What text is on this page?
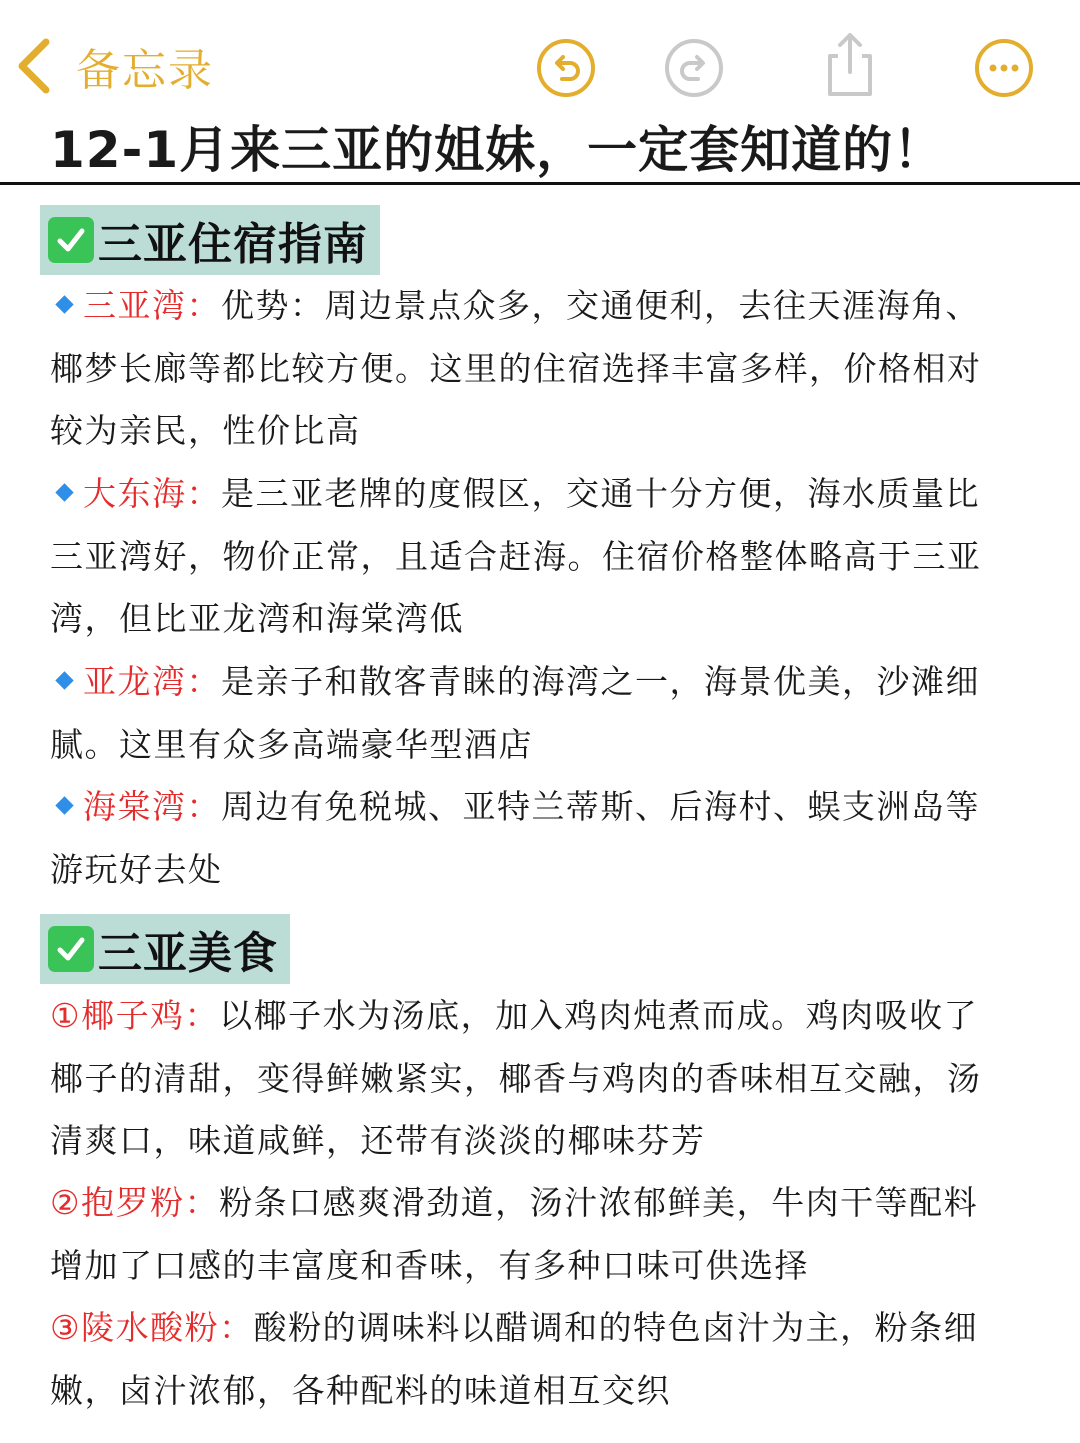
备忘录
12-1月来三亚的姐妹，一定套知道的！
三亚住宿指南

三亚湾：优势：周边景点众多，交通便利，去往天涯海角、椰梦长廊等都比较方便。这里的住宿选择丰富多样，价格相对较为亲民，性价比高

大东海：是三亚老牌的度假区，交通十分方便，海水质量比三亚湾好，物价正常，且适合赶海。住宿价格整体略高于三亚湾，但比亚龙湾和海棠湾低

亚龙湾：是亲子和散客青睐的海湾之一，海景优美，沙滩细腻。这里有众多高端豪华型酒店

海棠湾：周边有免税城、亚特兰蒂斯、后海村、蜈支洲岛等游玩好去处

三亚美食

①椰子鸡：以椰子水为汤底，加入鸡肉炖煮而成。鸡肉吸收了椰子的清甜，变得鲜嫩紧实，椰香与鸡肉的香味相互交融，汤清爽口，味道咸鲜，还带有淡淡的椰味芬芳

②抱罗粉：粉条口感爽滑劲道，汤汁浓郁鲜美，牛肉干等配料增加了口感的丰富度和香味，有多种口味可供选择

③陵水酸粉：酸粉的调味料以醋调和的特色卤汁为主，粉条细嫩，卤汁浓郁，各种配料的味道相互交织
